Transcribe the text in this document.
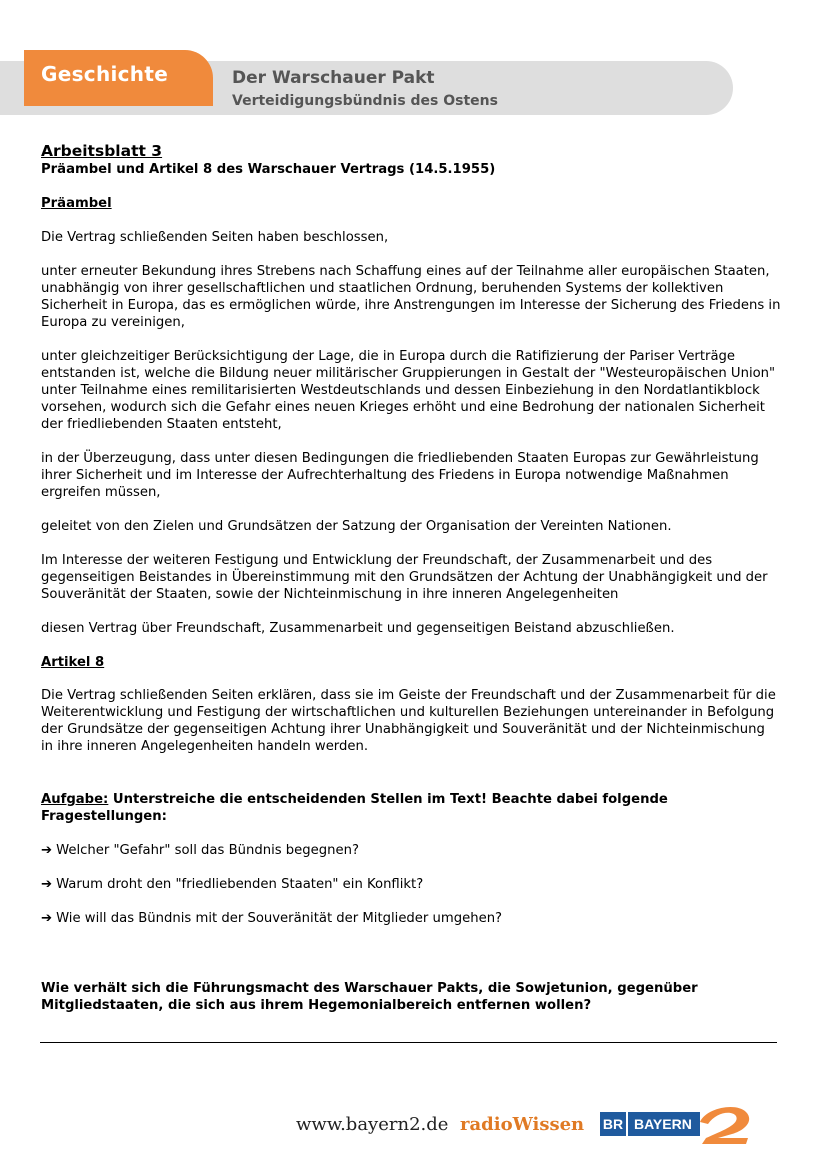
Geschichte	Der Warschauer Pakt
Verteidigungsbündnis des Ostens

Arbeitsblatt 3

Präambel und Artikel 8 des Warschauer Vertrags (14.5.1955)

Präambel

Die Vertrag schließenden Seiten haben beschlossen,

unter erneuter Bekundung ihres Strebens nach Schaffung eines auf der Teilnahme aller europäischen Staaten, unabhängig von ihrer gesellschaftlichen und staatlichen Ordnung, beruhenden Systems der kollektiven Sicherheit in Europa, das es ermöglichen würde, ihre Anstrengungen im Interesse der Sicherung des Friedens in Europa zu vereinigen,

unter gleichzeitiger Berücksichtigung der Lage, die in Europa durch die Ratifizierung der Pariser Verträge entstanden ist, welche die Bildung neuer militärischer Gruppierungen in Gestalt der "Westeuropäischen Union" unter Teilnahme eines remilitarisierten Westdeutschlands und dessen Einbeziehung in den Nordatlantikblock vorsehen, wodurch sich die Gefahr eines neuen Krieges erhöht und eine Bedrohung der nationalen Sicherheit der friedliebenden Staaten entsteht,

in der Überzeugung, dass unter diesen Bedingungen die friedliebenden Staaten Europas zur Gewährleistung ihrer Sicherheit und im Interesse der Aufrechterhaltung des Friedens in Europa notwendige Maßnahmen ergreifen müssen,

geleitet von den Zielen und Grundsätzen der Satzung der Organisation der Vereinten Nationen.

Im Interesse der weiteren Festigung und Entwicklung der Freundschaft, der Zusammenarbeit und des gegenseitigen Beistandes in Übereinstimmung mit den Grundsätzen der Achtung der Unabhängigkeit und der Souveränität der Staaten, sowie der Nichteinmischung in ihre inneren Angelegenheiten

diesen Vertrag über Freundschaft, Zusammenarbeit und gegenseitigen Beistand abzuschließen.

Artikel 8

Die Vertrag schließenden Seiten erklären, dass sie im Geiste der Freundschaft und der Zusammenarbeit für die Weiterentwicklung und Festigung der wirtschaftlichen und kulturellen Beziehungen untereinander in Befolgung der Grundsätze der gegenseitigen Achtung ihrer Unabhängigkeit und Souveränität und der Nichteinmischung in ihre inneren Angelegenheiten handeln werden.

Aufgabe: Unterstreiche die entscheidenden Stellen im Text! Beachte dabei folgende Fragestellungen:

➔ Welcher "Gefahr" soll das Bündnis begegnen?

➔ Warum droht den "friedliebenden Staaten" ein Konflikt?

➔ Wie will das Bündnis mit der Souveränität der Mitglieder umgehen?

Wie verhält sich die Führungsmacht des Warschauer Pakts, die Sowjetunion, gegenüber Mitgliedstaaten, die sich aus ihrem Hegemonialbereich entfernen wollen?

www.bayern2.de radioWissen BR BAYERN
